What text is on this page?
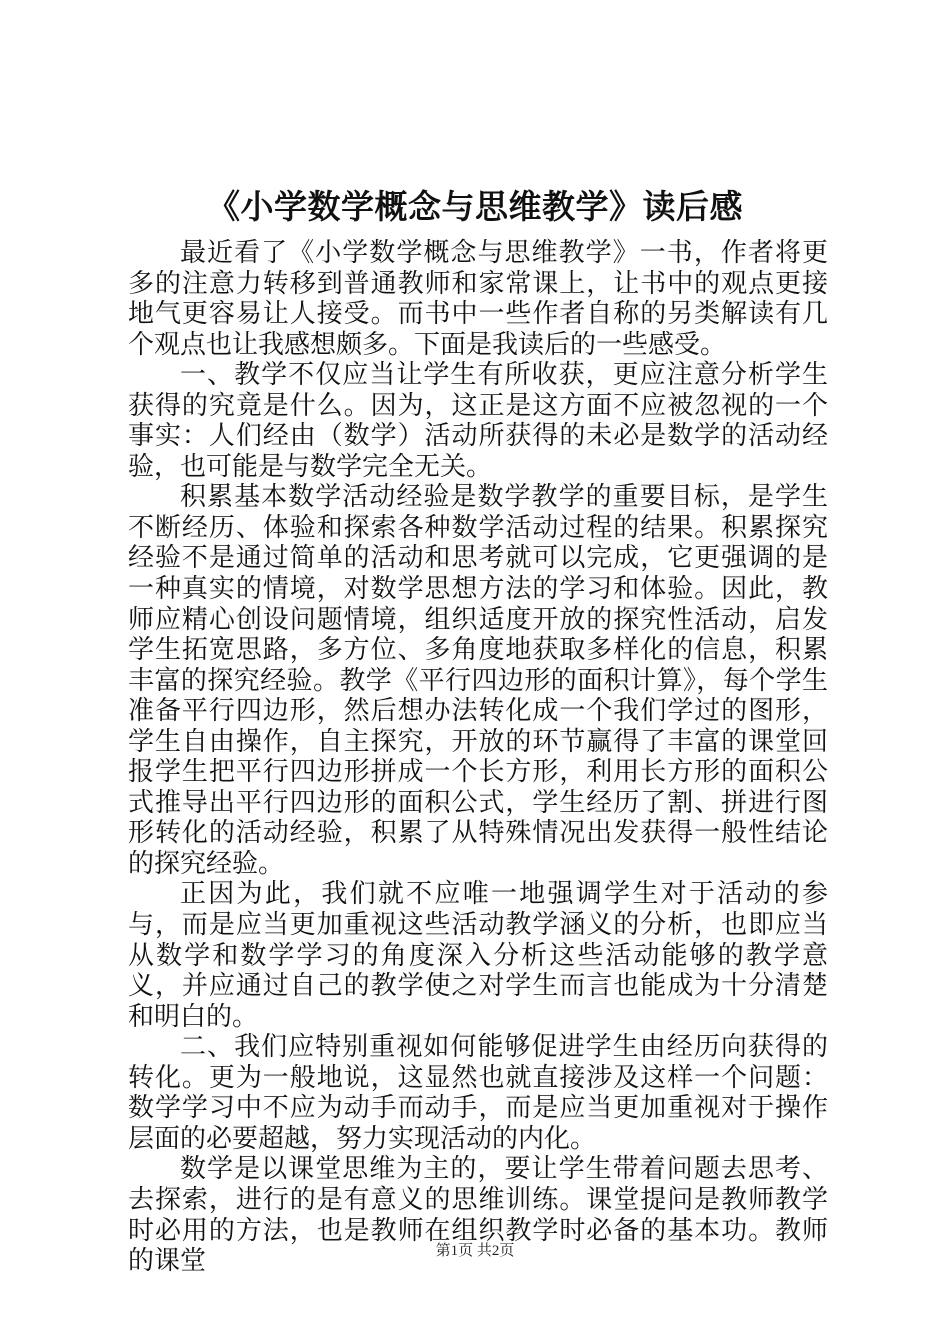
《小学数学概念与思维教学》读后感

最近看了《小学数学概念与思维教学》一书，作者将更多的注意力转移到普通教师和家常课上，让书中的观点更接地气更容易让人接受。而书中一些作者自称的另类解读有几个观点也让我感想颇多。下面是我读后的一些感受。

一、教学不仅应当让学生有所收获，更应注意分析学生获得的究竟是什么。因为，这正是这方面不应被忽视的一个事实：人们经由（数学）活动所获得的未必是数学的活动经验，也可能是与数学完全无关。

积累基本数学活动经验是数学教学的重要目标，是学生不断经历、体验和探索各种数学活动过程的结果。积累探究经验不是通过简单的活动和思考就可以完成，它更强调的是一种真实的情境，对数学思想方法的学习和体验。因此，教师应精心创设问题情境，组织适度开放的探究性活动，启发学生拓宽思路，多方位、多角度地获取多样化的信息，积累丰富的探究经验。教学《平行四边形的面积计算》，每个学生准备平行四边形，然后想办法转化成一个我们学过的图形，学生自由操作，自主探究，开放的环节赢得了丰富的课堂回报学生把平行四边形拼成一个长方形，利用长方形的面积公式推导出平行四边形的面积公式，学生经历了割、拼进行图形转化的活动经验，积累了从特殊情况出发获得一般性结论的探究经验。

正因为此，我们就不应唯一地强调学生对于活动的参与，而是应当更加重视这些活动教学涵义的分析，也即应当从数学和数学学习的角度深入分析这些活动能够的教学意义，并应通过自己的教学使之对学生而言也能成为十分清楚和明白的。

二、我们应特别重视如何能够促进学生由经历向获得的转化。更为一般地说，这显然也就直接涉及这样一个问题：数学学习中不应为动手而动手，而是应当更加重视对于操作层面的必要超越，努力实现活动的内化。

数学是以课堂思维为主的，要让学生带着问题去思考、去探索，进行的是有意义的思维训练。课堂提问是教师教学时必用的方法，也是教师在组织教学时必备的基本功。教师的课堂	第1页 共2页
